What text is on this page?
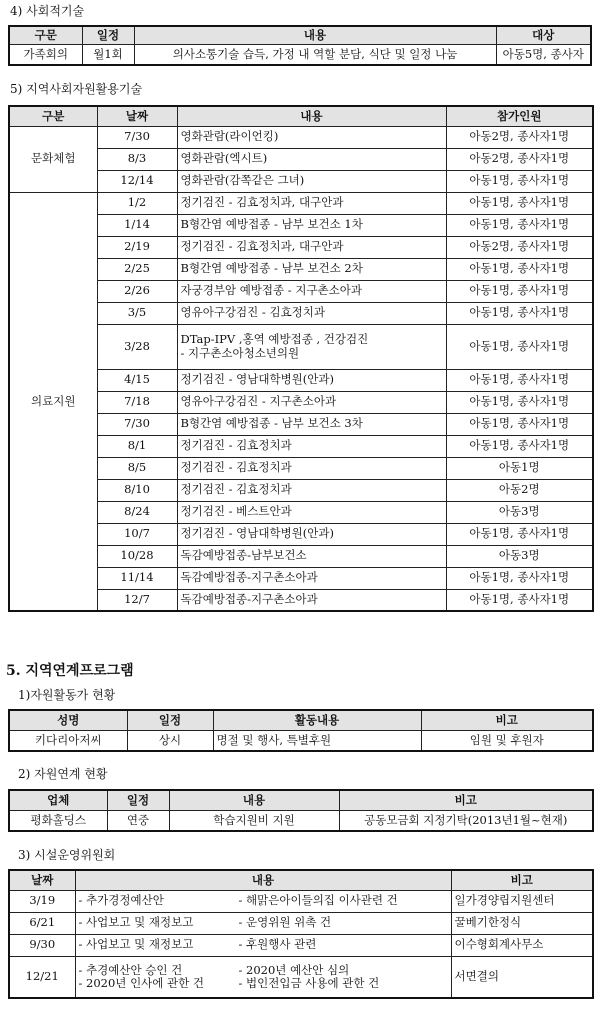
4) 사회적기술
구문	일정	내용	대상
가족회의	월1회	의사소통기술 습득, 가정 내 역할 분담, 식단 및 일정 나눔	아동5명, 종사자
5) 지역사회자원활용기술
구분	날짜	내용	참가인원
문화체험	7/30	영화관람(라이언킹)	아동2명, 종사자1명
	8/3	영화관람(엑시트)	아동2명, 종사자1명
	12/14	영화관람(감쪽같은 그녀)	아동1명, 종사자1명
의료지원	1/2	정기검진 - 김효정치과, 대구안과	아동1명, 종사자1명
	1/14	B형간염 예방접종 - 남부 보건소 1차	아동1명, 종사자1명
	2/19	정기검진 - 김효정치과, 대구안과	아동2명, 종사자1명
	2/25	B형간염 예방접종 - 남부 보건소 2차	아동1명, 종사자1명
	2/26	자궁경부암 예방접종 - 지구촌소아과	아동1명, 종사자1명
	3/5	영유아구강검진 - 김효정치과	아동1명, 종사자1명
	3/28	DTap-IPV ,홍역 예방접종 , 건강검진
- 지구촌소아청소년의원	아동1명, 종사자1명
	4/15	정기검진 - 영남대학병원(안과)	아동1명, 종사자1명
	7/18	영유아구강검진 - 지구촌소아과	아동1명, 종사자1명
	7/30	B형간염 예방접종 - 남부 보건소 3차	아동1명, 종사자1명
	8/1	정기검진 - 김효정치과	아동1명, 종사자1명
	8/5	정기검진 - 김효정치과	아동1명
	8/10	정기검진 - 김효정치과	아동2명
	8/24	정기검진 - 베스트안과	아동3명
	10/7	정기검진 - 영남대학병원(안과)	아동1명, 종사자1명
	10/28	독감예방접종-남부보건소	아동3명
	11/14	독감예방접종-지구촌소아과	아동1명, 종사자1명
	12/7	독감예방접종-지구촌소아과	아동1명, 종사자1명
5. 지역연계프로그램
1)자원활동가 현황
성명	일정	활동내용	비고
키다리아저씨	상시	명절 및 행사, 특별후원	임원 및 후원자
2) 자원연계 현황
업체	일정	내용	비고
평화홀딩스	연중	학습지원비 지원	공동모금회 지정기탁(2013년1월~현재)
3) 시설운영위원회
날짜	내용	비고
3/19	- 추가경정예산안 - 해맑은아이들의집 이사관련 건	일가경양립지원센터
6/21	- 사업보고 및 재정보고 - 운영위원 위촉 건	꿀베기한정식
9/30	- 사업보고 및 재정보고 - 후원행사 관련	이수형회계사무소
12/21	- 추경예산안 승인 건 - 2020년 예산안 심의
- 2020년 인사에 관한 건 - 법인전입금 사용에 관한 건	서면결의
